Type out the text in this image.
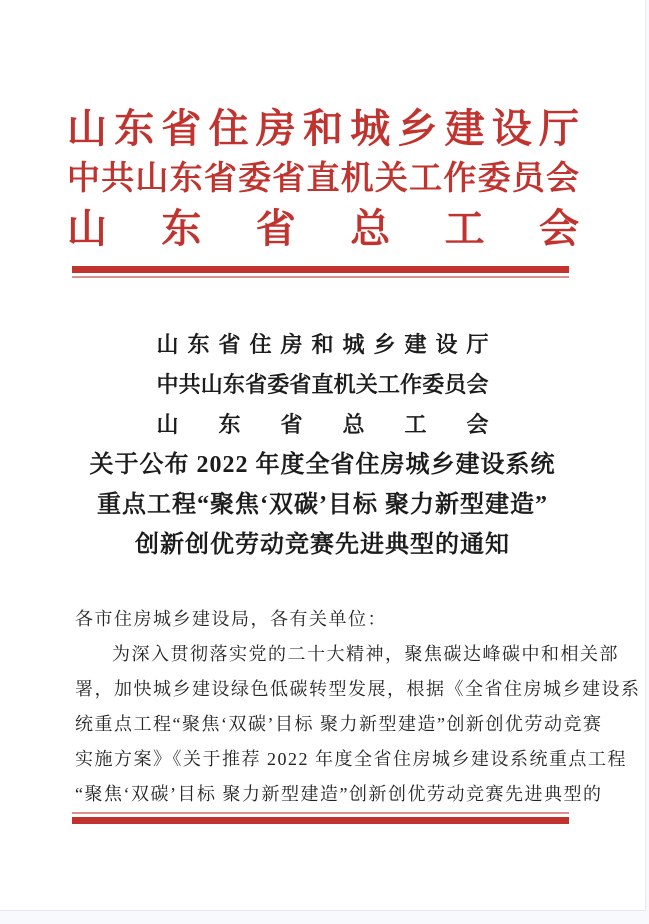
山东省住房和城乡建设厅
中共山东省委省直机关工作委员会
山东省总工会
山东省住房和城乡建设厅
中共山东省委省直机关工作委员会
山东省总工会
关于公布 2022 年度全省住房城乡建设系统
重点工程“聚焦‘双碳’目标 聚力新型建造”
创新创优劳动竞赛先进典型的通知
各市住房城乡建设局，各有关单位：
为深入贯彻落实党的二十大精神，聚焦碳达峰碳中和相关部
署，加快城乡建设绿色低碳转型发展，根据《全省住房城乡建设系
统重点工程“聚焦‘双碳’目标 聚力新型建造”创新创优劳动竞赛
实施方案》《关于推荐 2022 年度全省住房城乡建设系统重点工程
“聚焦‘双碳’目标 聚力新型建造”创新创优劳动竞赛先进典型的
